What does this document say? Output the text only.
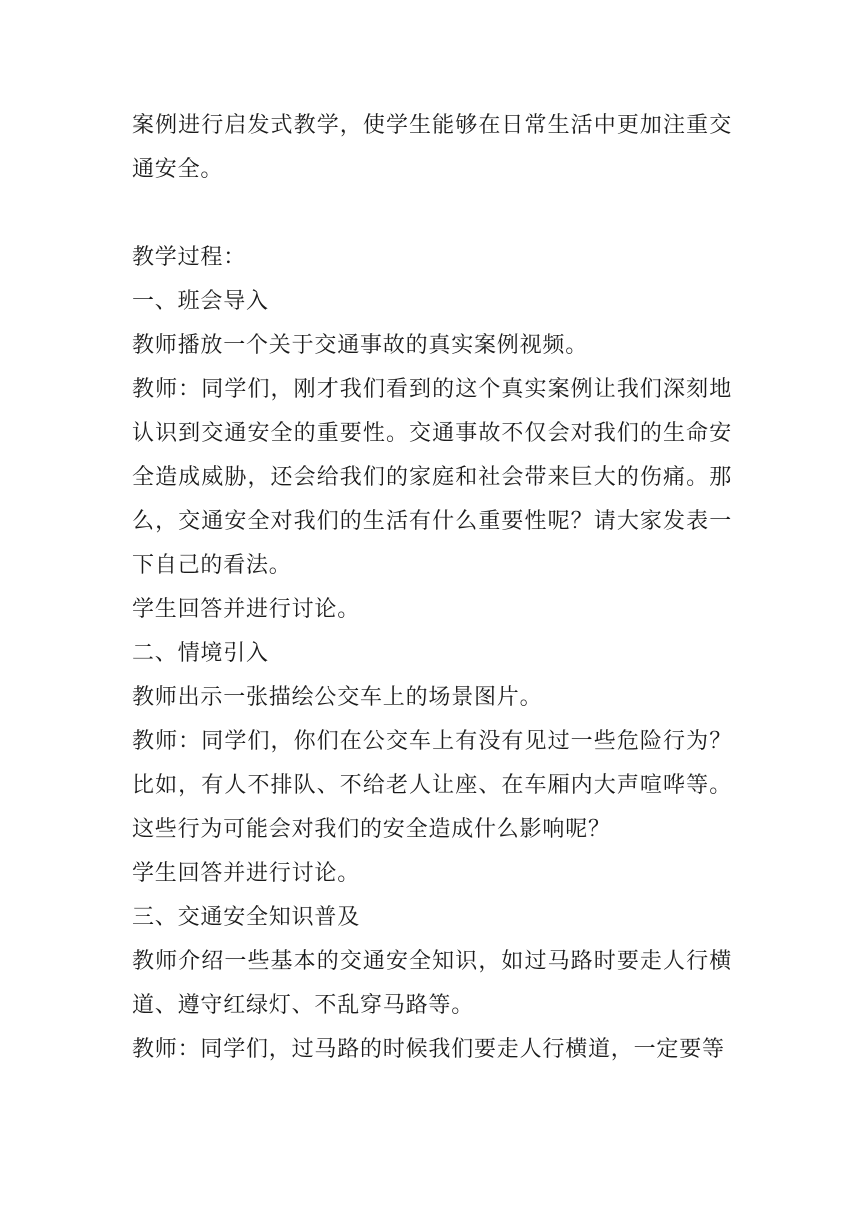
案例进行启发式教学，使学生能够在日常生活中更加注重交通安全。

教学过程：

一、班会导入

教师播放一个关于交通事故的真实案例视频。

教师：同学们，刚才我们看到的这个真实案例让我们深刻地认识到交通安全的重要性。交通事故不仅会对我们的生命安全造成威胁，还会给我们的家庭和社会带来巨大的伤痛。那么，交通安全对我们的生活有什么重要性呢？请大家发表一下自己的看法。

学生回答并进行讨论。

二、情境引入

教师出示一张描绘公交车上的场景图片。

教师：同学们，你们在公交车上有没有见过一些危险行为？比如，有人不排队、不给老人让座、在车厢内大声喧哗等。这些行为可能会对我们的安全造成什么影响呢？

学生回答并进行讨论。

三、交通安全知识普及

教师介绍一些基本的交通安全知识，如过马路时要走人行横道、遵守红绿灯、不乱穿马路等。

教师：同学们，过马路的时候我们要走人行横道，一定要等
